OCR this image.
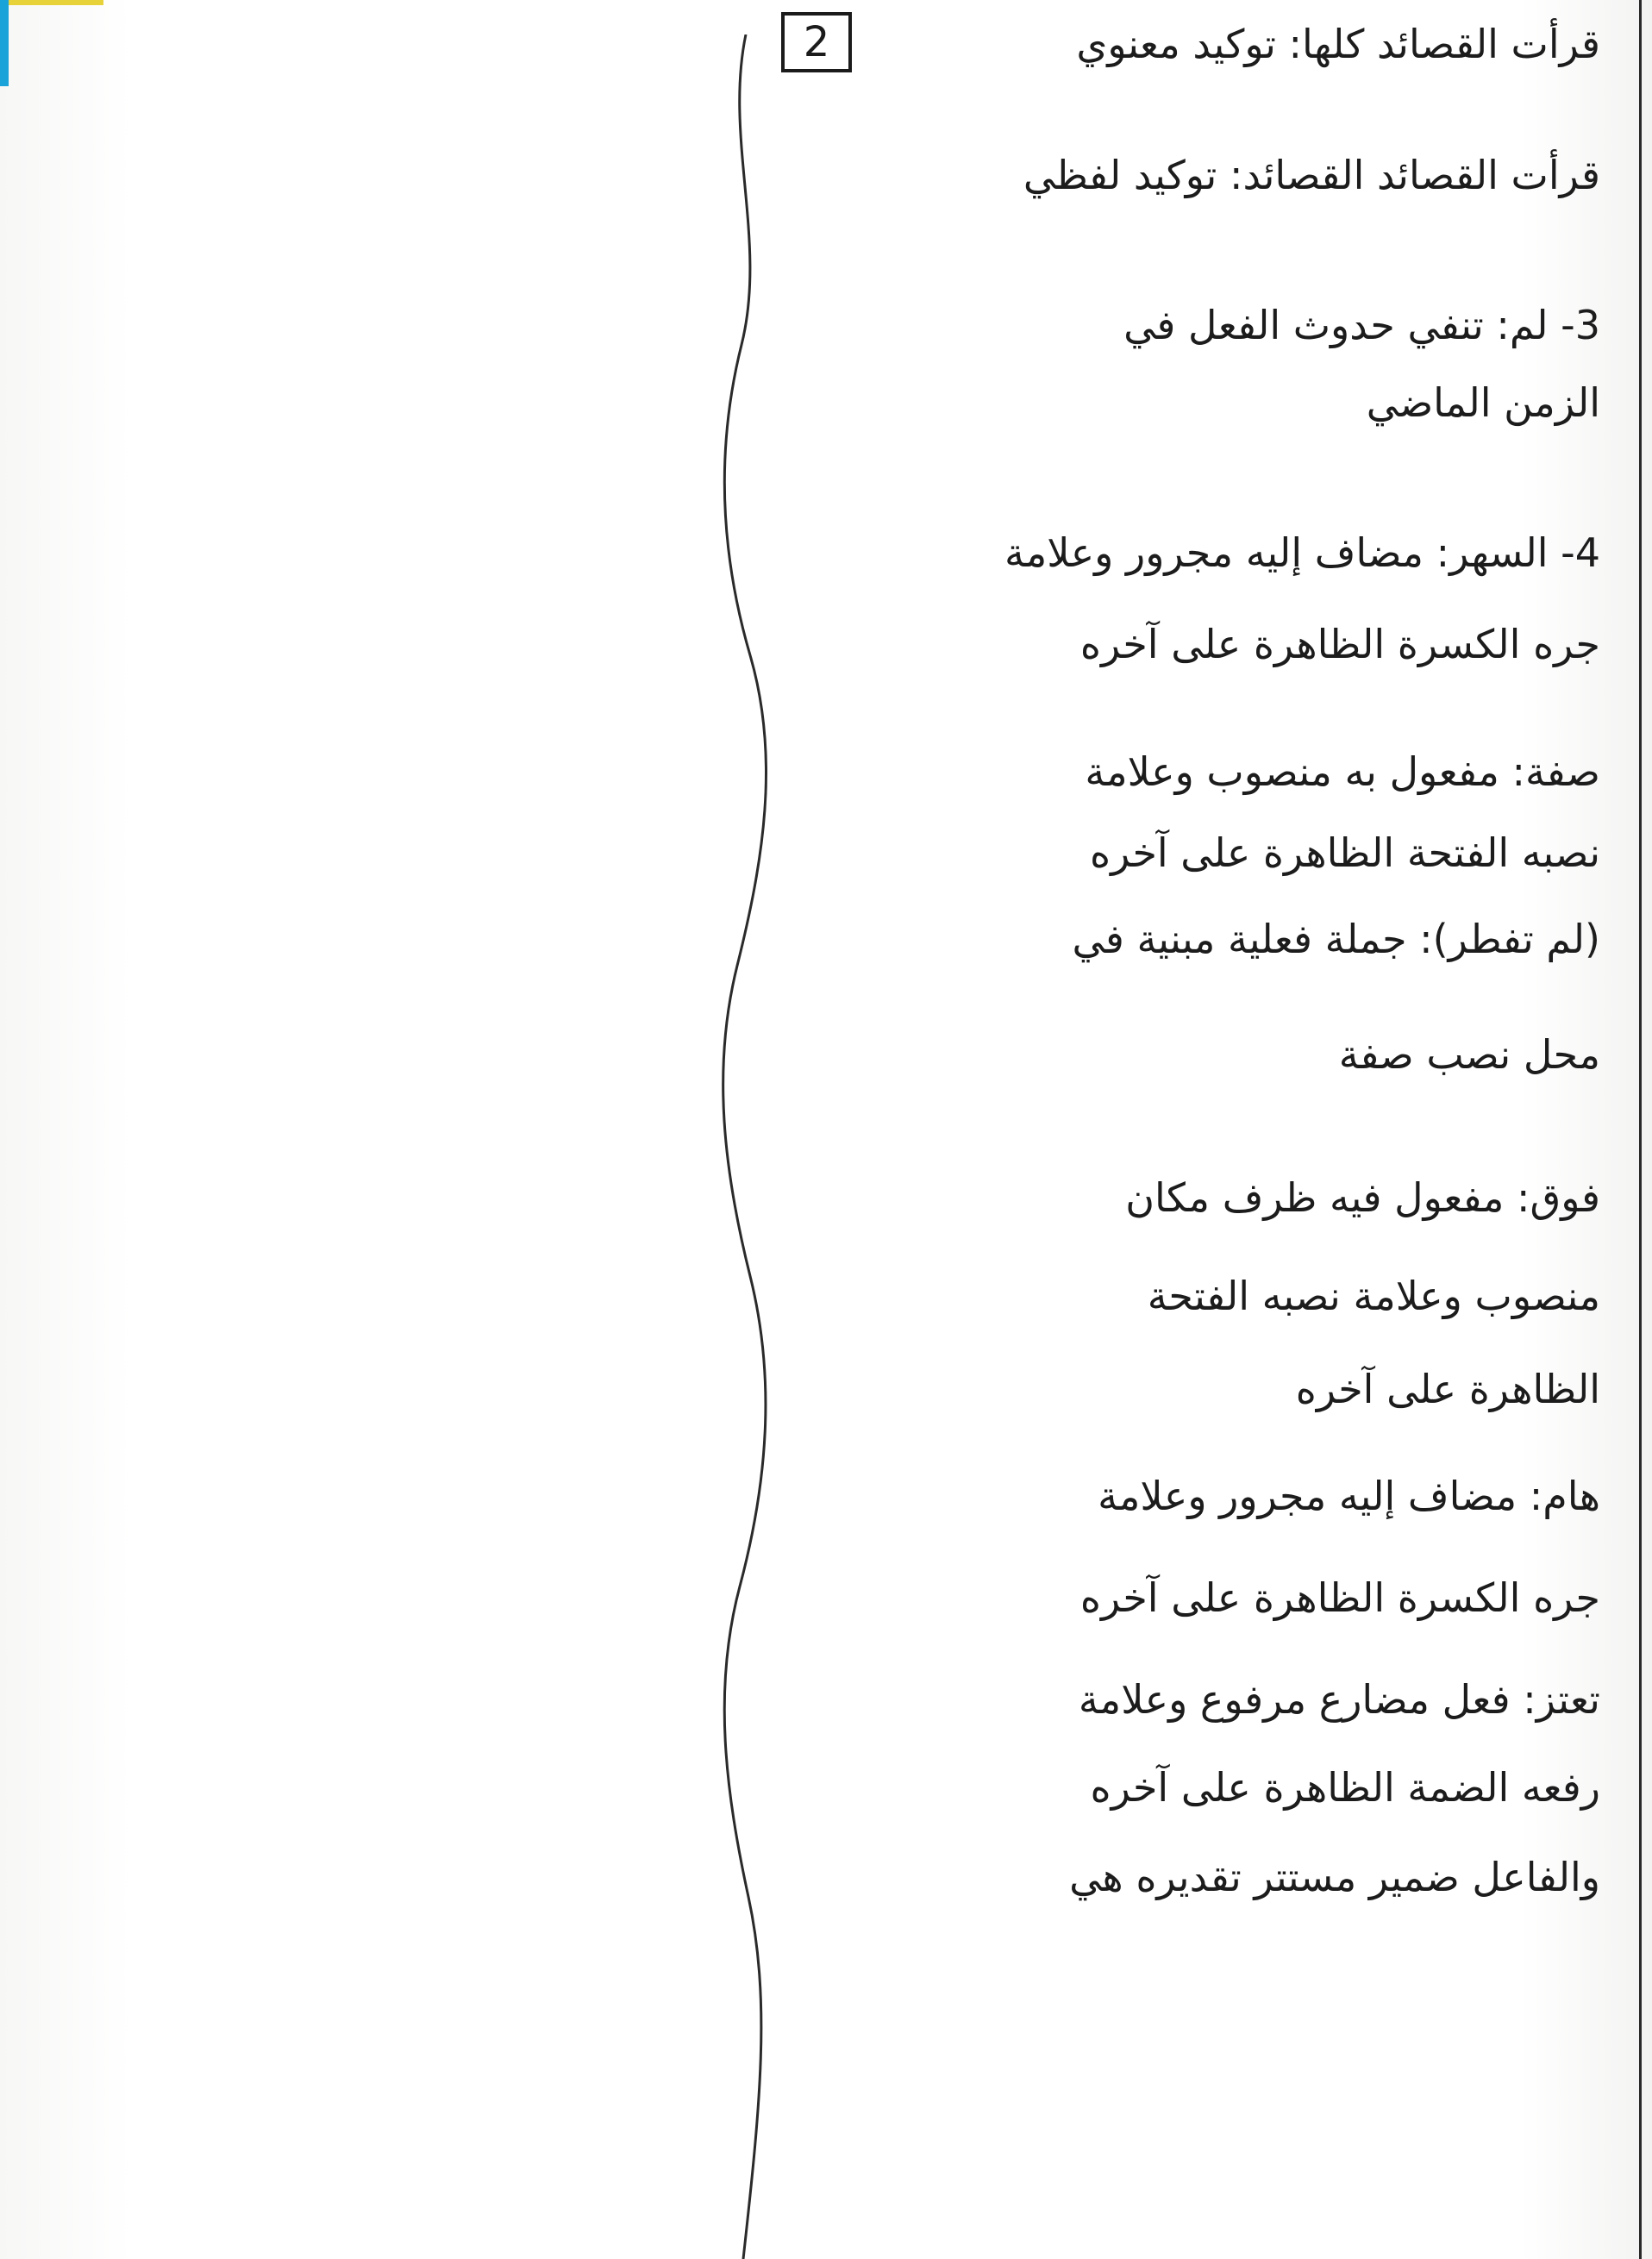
2	قرأت القصائد كلها: توكيد معنوي
قرأت القصائد القصائد: توكيد لفظي
3- لم: تنفي حدوث الفعل في
الزمن الماضي
4- السهر: مضاف إليه مجرور وعلامة
جره الكسرة الظاهرة على آخره
صفة: مفعول به منصوب وعلامة
نصبه الفتحة الظاهرة على آخره
(لم تفطر): جملة فعلية مبنية في
محل نصب صفة
فوق: مفعول فيه ظرف مكان
منصوب وعلامة نصبه الفتحة
الظاهرة على آخره
هام: مضاف إليه مجرور وعلامة
جره الكسرة الظاهرة على آخره
تعتز: فعل مضارع مرفوع وعلامة
رفعه الضمة الظاهرة على آخره
والفاعل ضمير مستتر تقديره هي
